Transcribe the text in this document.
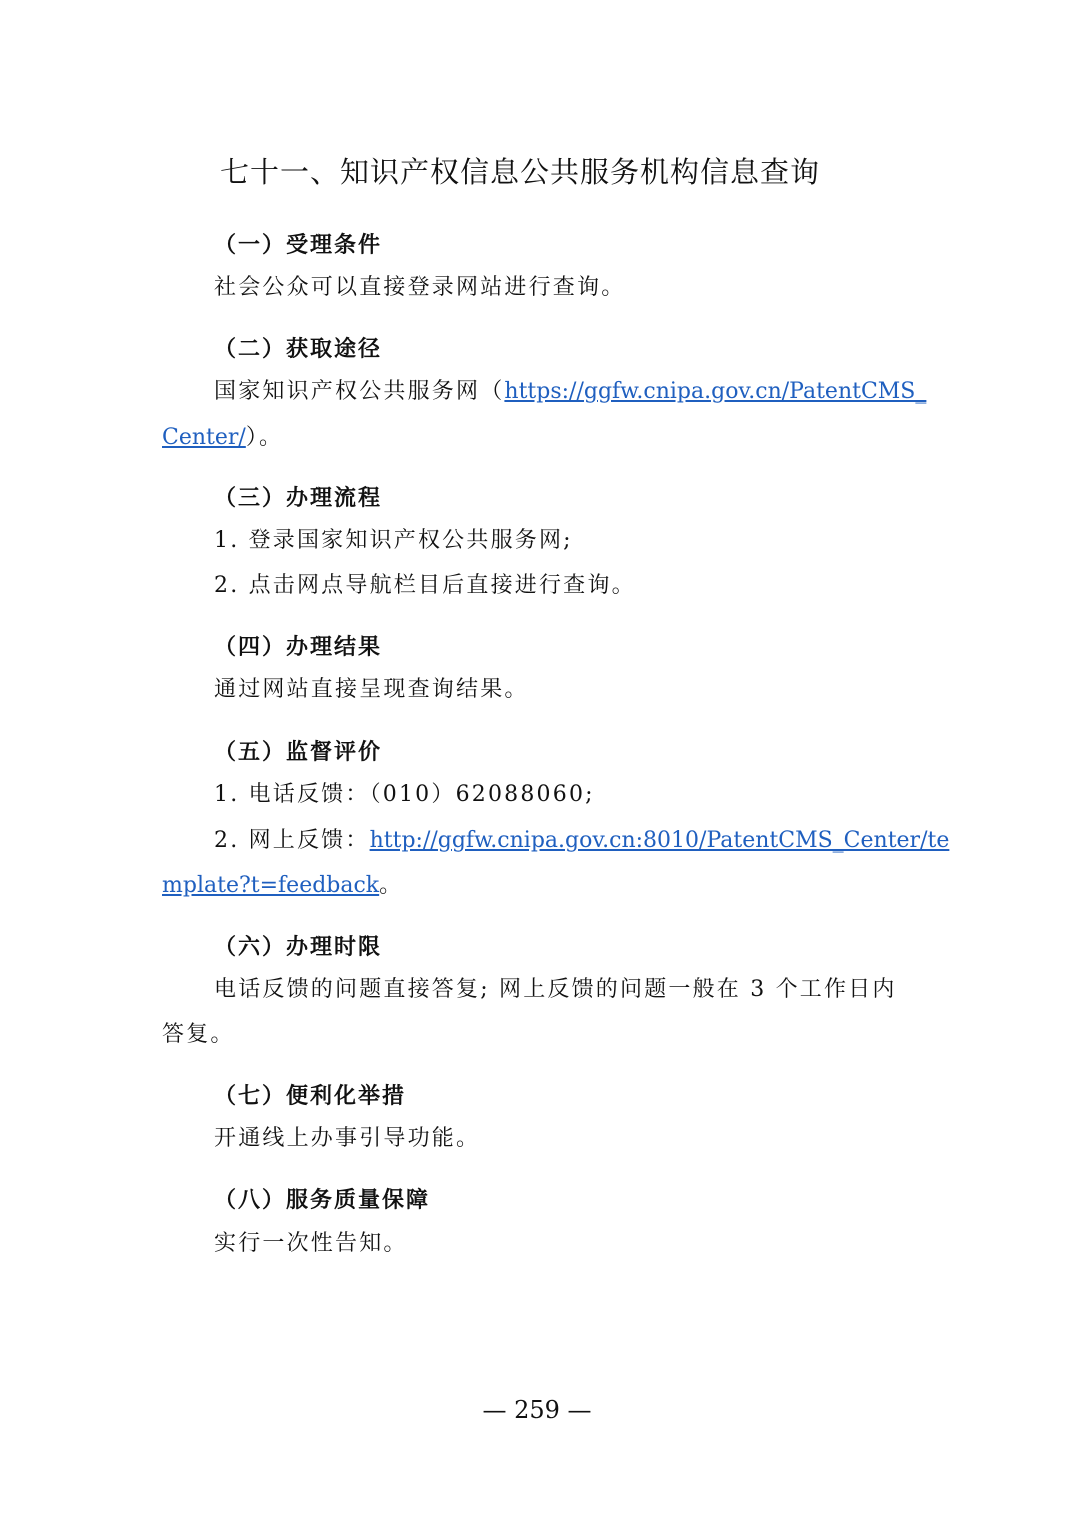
七十一、知识产权信息公共服务机构信息查询
（一）受理条件
社会公众可以直接登录网站进行查询。
（二）获取途径
国家知识产权公共服务网（https://ggfw.cnipa.gov.cn/PatentCMS_
Center/）。
（三）办理流程
1. 登录国家知识产权公共服务网;
2. 点击网点导航栏目后直接进行查询。
（四）办理结果
通过网站直接呈现查询结果。
（五）监督评价
1. 电话反馈：（010）62088060;
2. 网上反馈：http://ggfw.cnipa.gov.cn:8010/PatentCMS_Center/te
mplate?t=feedback。
（六）办理时限
电话反馈的问题直接答复; 网上反馈的问题一般在 3 个工作日内
答复。
（七）便利化举措
开通线上办事引导功能。
（八）服务质量保障
实行一次性告知。
— 259 —
